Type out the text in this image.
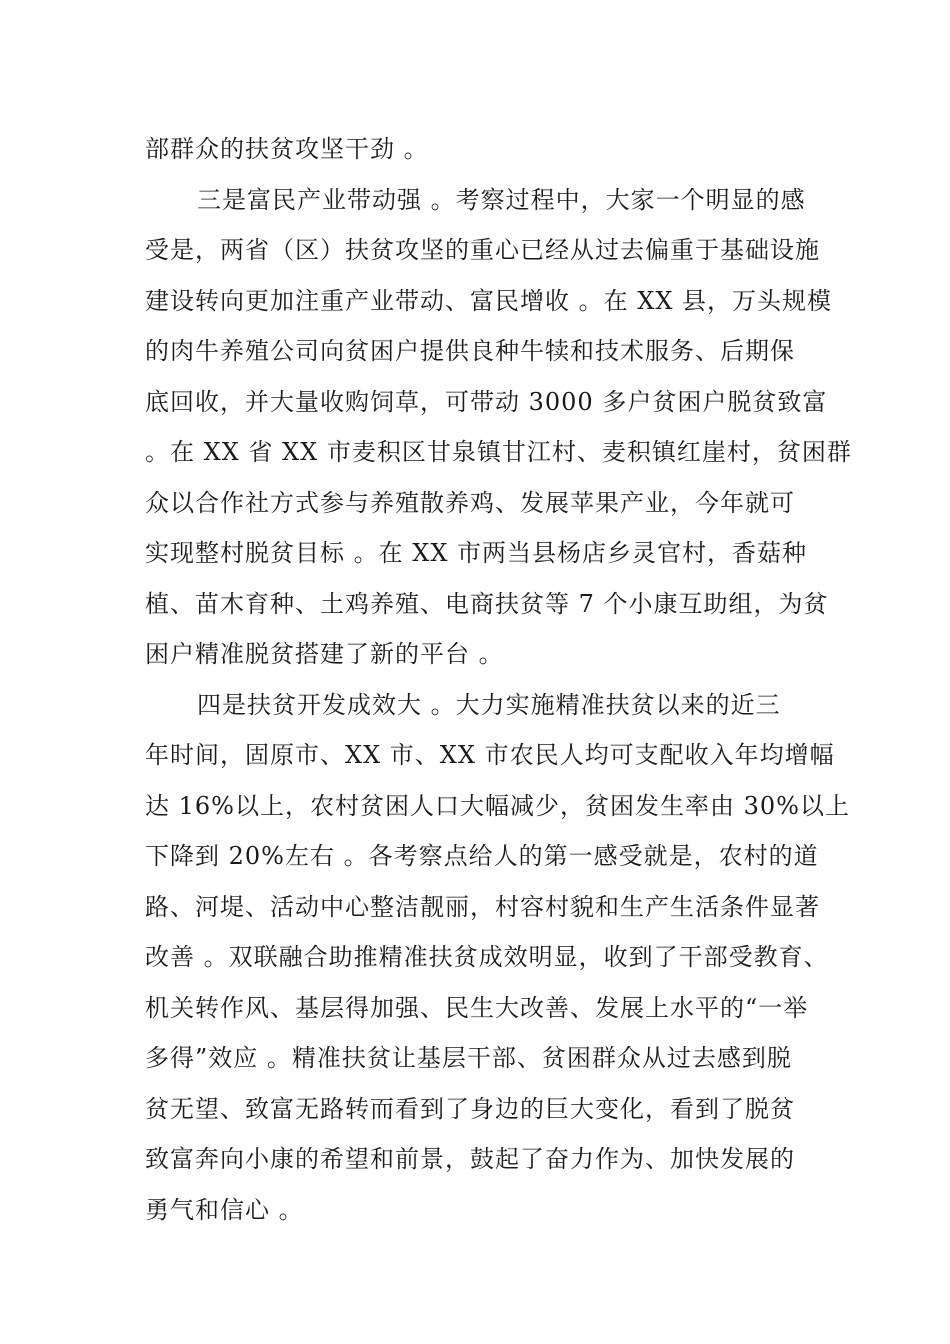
部群众的扶贫攻坚干劲 。
三是富民产业带动强 。考察过程中，大家一个明显的感
受是，两省（区）扶贫攻坚的重心已经从过去偏重于基础设施
建设转向更加注重产业带动、富民增收 。在 XX 县，万头规模
的肉牛养殖公司向贫困户提供良种牛犊和技术服务、后期保
底回收，并大量收购饲草，可带动 3000 多户贫困户脱贫致富
。在 XX 省 XX 市麦积区甘泉镇甘江村、麦积镇红崖村，贫困群
众以合作社方式参与养殖散养鸡、发展苹果产业，今年就可
实现整村脱贫目标 。在 XX 市两当县杨店乡灵官村，香菇种
植、苗木育种、土鸡养殖、电商扶贫等 7 个小康互助组，为贫
困户精准脱贫搭建了新的平台 。
四是扶贫开发成效大 。大力实施精准扶贫以来的近三
年时间，固原市、XX 市、XX 市农民人均可支配收入年均增幅
达 16%以上，农村贫困人口大幅减少，贫困发生率由 30%以上
下降到 20%左右 。各考察点给人的第一感受就是，农村的道
路、河堤、活动中心整洁靓丽，村容村貌和生产生活条件显著
改善 。双联融合助推精准扶贫成效明显，收到了干部受教育、
机关转作风、基层得加强、民生大改善、发展上水平的“一举
多得”效应 。精准扶贫让基层干部、贫困群众从过去感到脱
贫无望、致富无路转而看到了身边的巨大变化，看到了脱贫
致富奔向小康的希望和前景，鼓起了奋力作为、加快发展的
勇气和信心 。
